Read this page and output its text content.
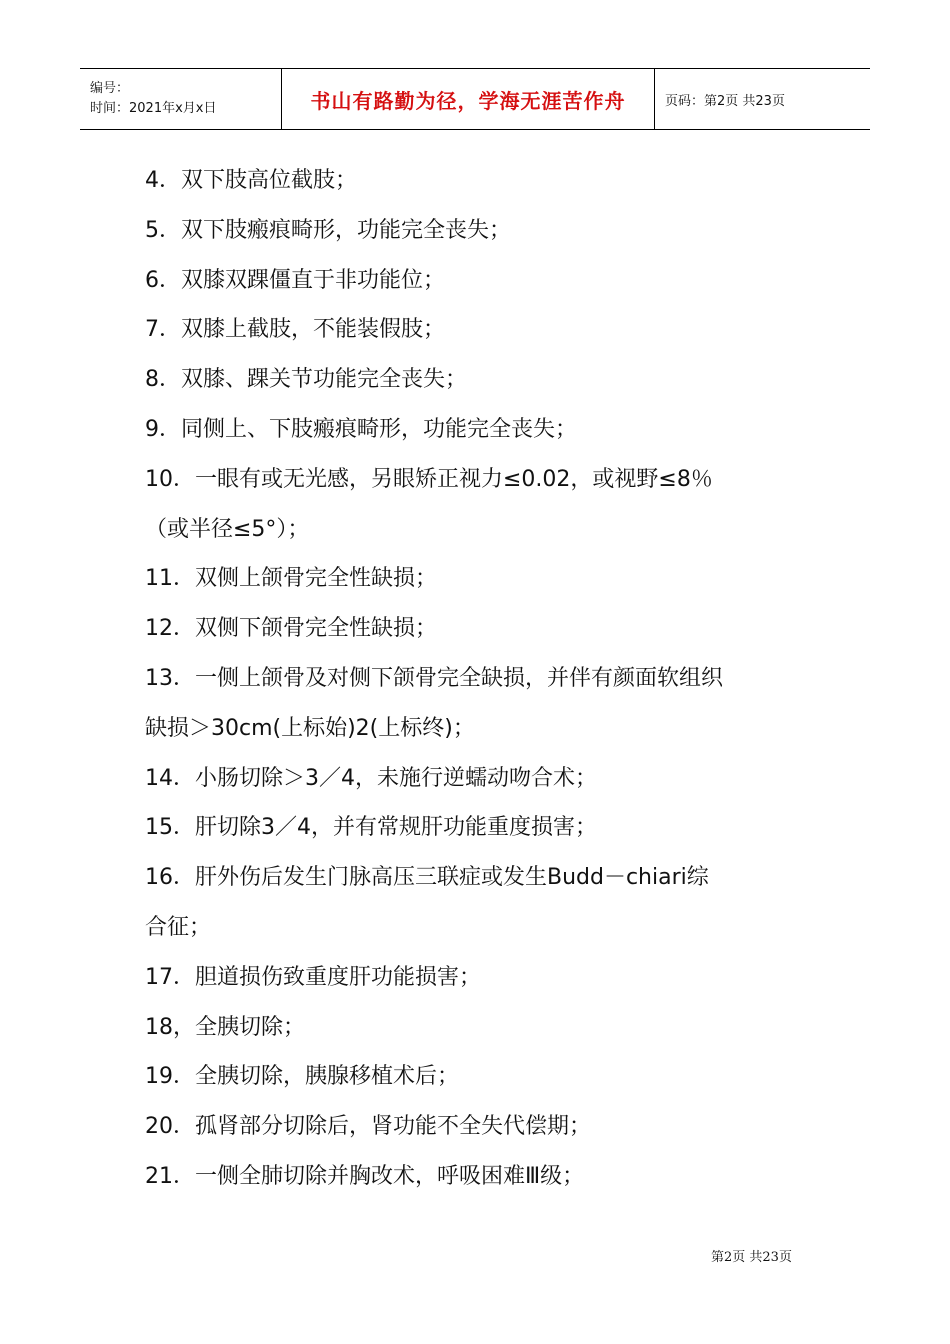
编号：
时间：2021年x月x日	书山有路勤为径，学海无涯苦作舟	页码：第2页 共23页
4．双下肢高位截肢；
5．双下肢瘢痕畸形，功能完全丧失；
6．双膝双踝僵直于非功能位；
7．双膝上截肢，不能装假肢；
8．双膝、踝关节功能完全丧失；
9．同侧上、下肢瘢痕畸形，功能完全丧失；
10．一眼有或无光感，另眼矫正视力≤0.02，或视野≤8％
（或半径≤5°）；
11．双侧上颌骨完全性缺损；
12．双侧下颌骨完全性缺损；
13．一侧上颌骨及对侧下颌骨完全缺损，并伴有颜面软组织
缺损＞30cm(上标始)2(上标终)；
14．小肠切除＞3／4，未施行逆蠕动吻合术；
15．肝切除3／4，并有常规肝功能重度损害；
16．肝外伤后发生门脉高压三联症或发生Budd－chiari综
合征；
17．胆道损伤致重度肝功能损害；
18，全胰切除；
19．全胰切除，胰腺移植术后；
20．孤肾部分切除后，肾功能不全失代偿期；
21．一侧全肺切除并胸改术，呼吸困难Ⅲ级；
第2页 共23页
